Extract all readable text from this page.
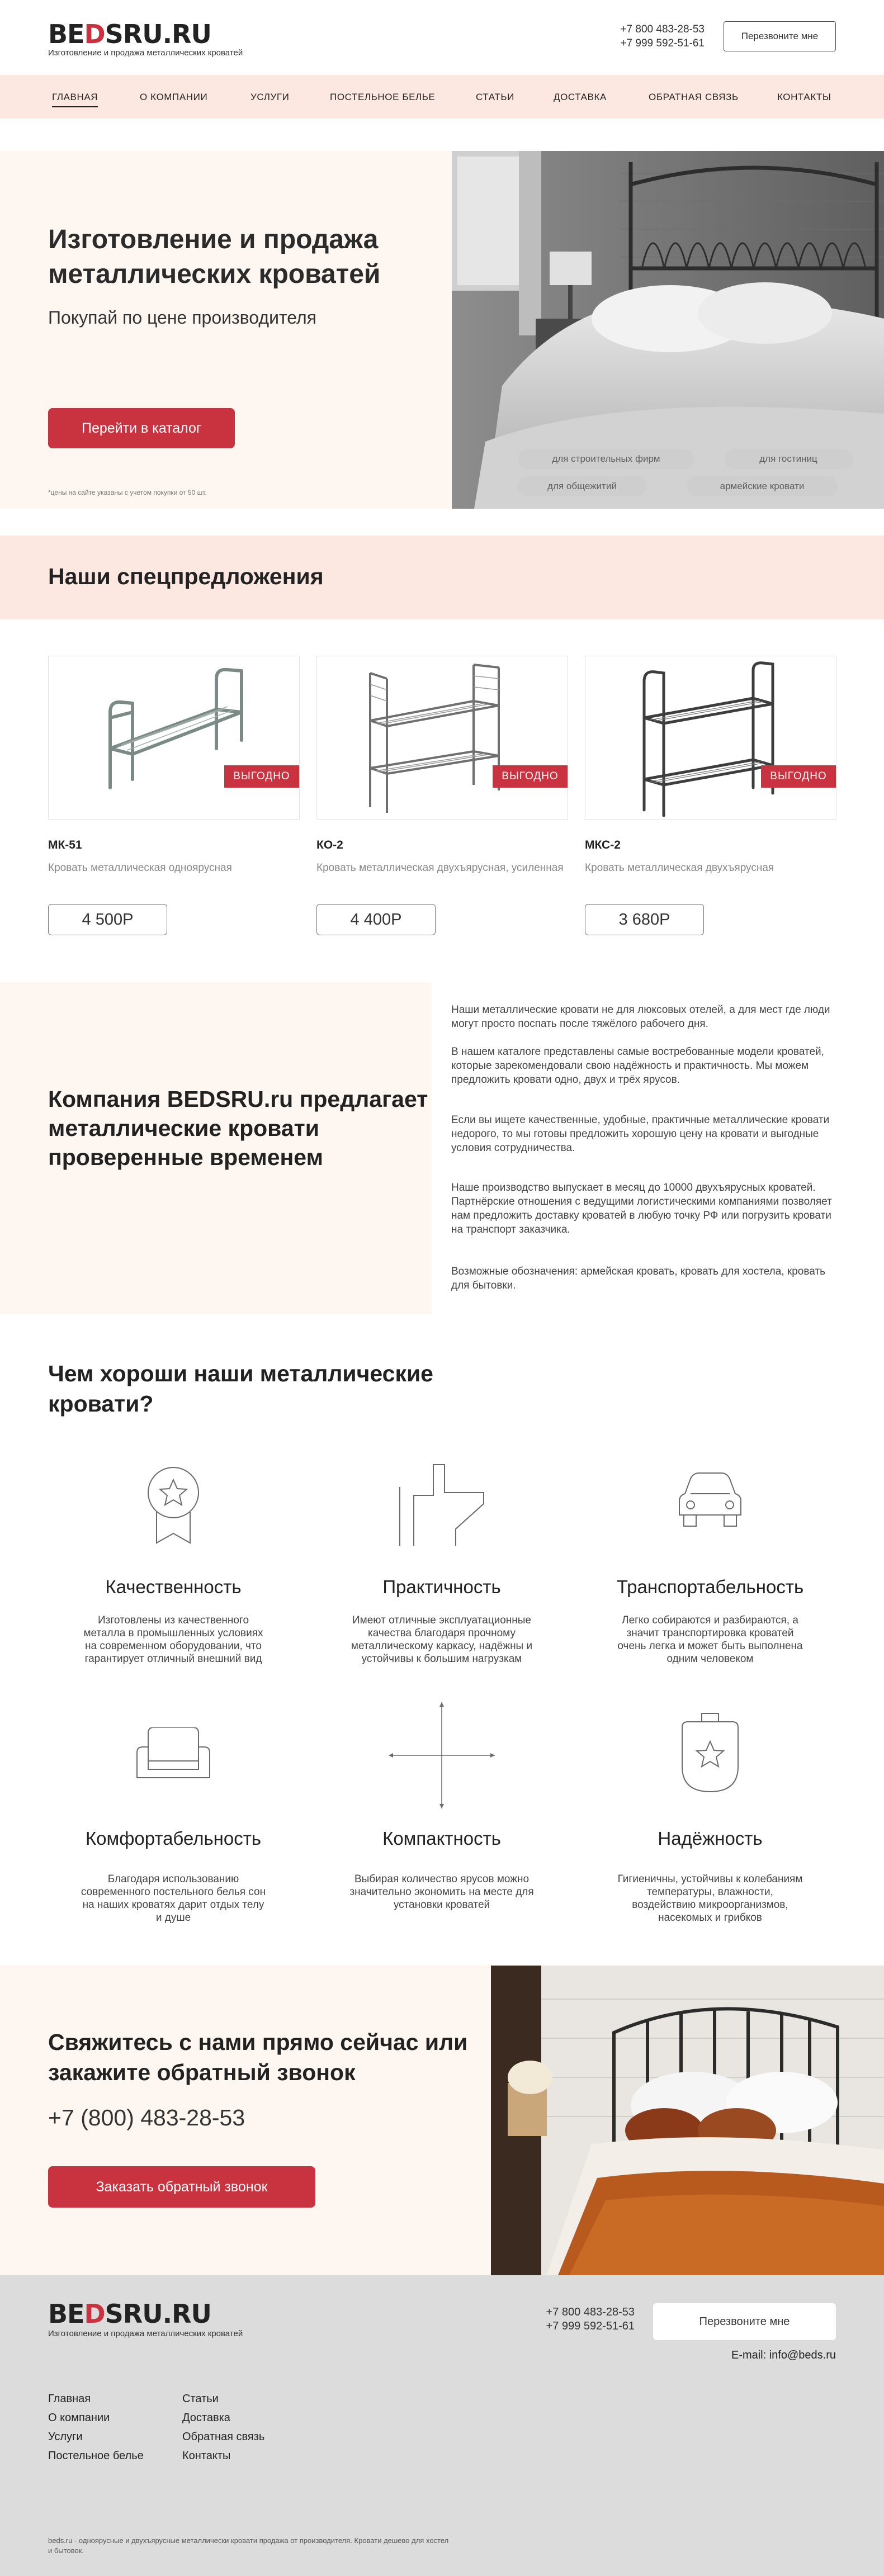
BEDSRU.RU
Изготовление и продажа металлических кроватей
+7 800 483-28-53
+7 999 592-51-61
Перезвоните мне
ГЛАВНАЯ	О КОМПАНИИ	УСЛУГИ	ПОСТЕЛЬНОЕ БЕЛЬЕ	СТАТЬИ	ДОСТАВКА	ОБРАТНАЯ СВЯЗЬ	КОНТАКТЫ
Изготовление и продажа металлических кроватей
Покупай по цене производителя
Перейти в каталог
*цены на сайте указаны с учетом покупки от 50 шт.
для строительных фирм	для гостиниц
для общежитий	армейские кровати
Наши спецпредложения
ВЫГОДНО
МК-51
Кровать металлическая одноярусная
4 500Р
ВЫГОДНО
КО-2
Кровать металлическая двухъярусная, усиленная
4 400Р
ВЫГОДНО
МКС-2
Кровать металлическая двухъярусная
3 680Р
Компания BEDSRU.ru предлагает металлические кровати проверенные временем

Наши металлические кровати не для люксовых отелей, а для мест где люди могут просто поспать после тяжёлого рабочего дня.

В нашем каталоге представлены самые востребованные модели кроватей, которые зарекомендовали свою надёжность и практичность. Мы можем предложить кровати одно, двух и трёх ярусов.

Если вы ищете качественные, удобные, практичные металлические кровати недорого, то мы готовы предложить хорошую цену на кровати и выгодные условия сотрудничества.

Наше производство выпускает в месяц до 10000 двухъярусных кроватей. Партнёрские отношения с ведущими логистическими компаниями позволяет нам предложить доставку кроватей в любую точку РФ или погрузить кровати на транспорт заказчика.

Возможные обозначения: армейская кровать, кровать для хостела, кровать для бытовки.

Чем хороши наши металлические кровати?
Качественность
Изготовлены из качественного металла в промышленных условиях на современном оборудовании, что гарантирует отличный внешний вид
Практичность
Имеют отличные эксплуатационные качества благодаря прочному металлическому каркасу, надёжны и устойчивы к большим нагрузкам
Транспортабельность
Легко собираются и разбираются, а значит транспортировка кроватей очень легка и может быть выполнена одним человеком
Комфортабельность
Благодаря использованию современного постельного белья сон на наших кроватях дарит отдых телу и душе
Компактность
Выбирая количество ярусов можно значительно экономить на месте для установки кроватей
Надёжность
Гигиеничны, устойчивы к колебаниям температуры, влажности, воздействию микроорганизмов, насекомых и грибков
Свяжитесь с нами прямо сейчас или закажите обратный звонок
+7 (800) 483-28-53
Заказать обратный звонок
BEDSRU.RU
Изготовление и продажа металлических кроватей
+7 800 483-28-53
+7 999 592-51-61	Перезвоните мне
E-mail: info@beds.ru
Главная
О компании
Услуги
Постельное белье
Статьи
Доставка
Обратная связь
Контакты
beds.ru - одноярусные и двухъярусные металлически кровати продажа от производителя. Кровати дешево для хостел и бытовок.
